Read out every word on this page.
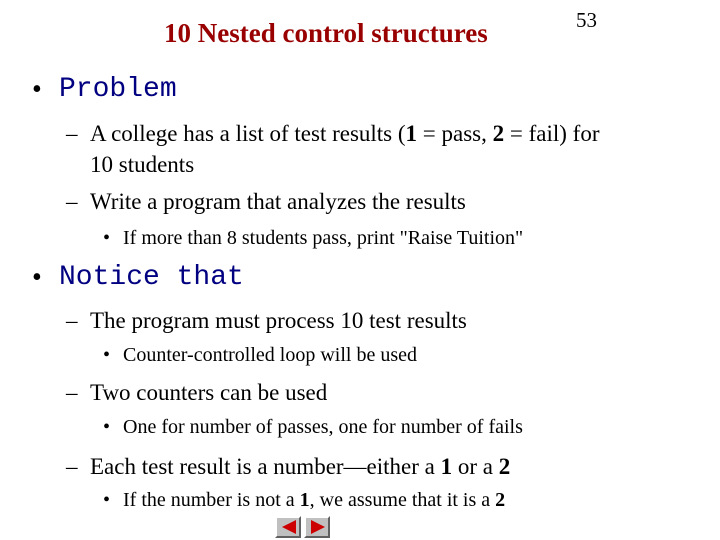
10 Nested control structures	53
• Problem
– A college has a list of test results (1 = pass, 2 = fail) for
10 students
– Write a program that analyzes the results
• If more than 8 students pass, print "Raise Tuition"
• Notice that
– The program must process 10 test results
• Counter-controlled loop will be used
– Two counters can be used
• One for number of passes, one for number of fails
– Each test result is a number—either a 1 or a 2
• If the number is not a 1, we assume that it is a 2
